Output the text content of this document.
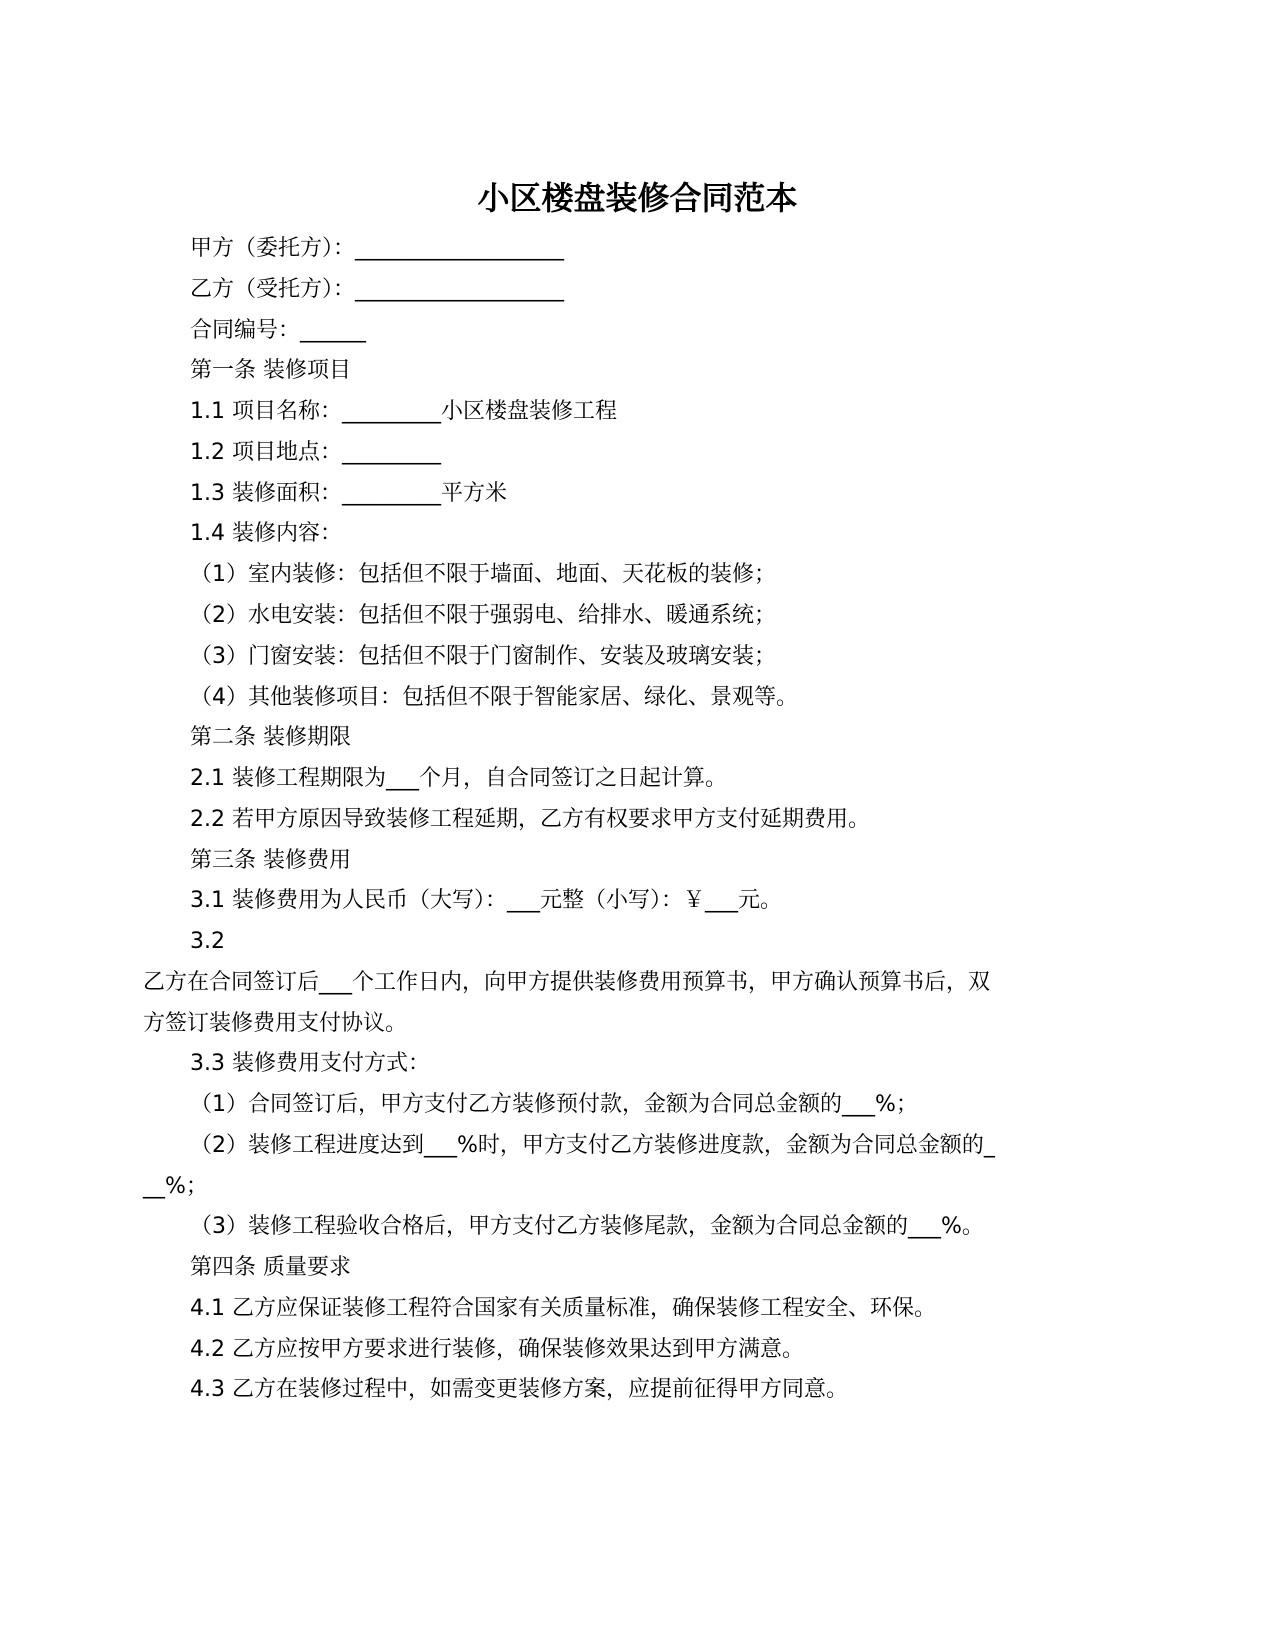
小区楼盘装修合同范本
甲方（委托方）：___________________
乙方（受托方）：___________________
合同编号：______
第一条 装修项目
1.1 项目名称：_________小区楼盘装修工程
1.2 项目地点：_________
1.3 装修面积：_________平方米
1.4 装修内容：
（1）室内装修：包括但不限于墙面、地面、天花板的装修；
（2）水电安装：包括但不限于强弱电、给排水、暖通系统；
（3）门窗安装：包括但不限于门窗制作、安装及玻璃安装；
（4）其他装修项目：包括但不限于智能家居、绿化、景观等。
第二条 装修期限
2.1 装修工程期限为___个月，自合同签订之日起计算。
2.2 若甲方原因导致装修工程延期，乙方有权要求甲方支付延期费用。
第三条 装修费用
3.1 装修费用为人民币（大写）：___元整（小写）：￥___元。
3.2
乙方在合同签订后___个工作日内，向甲方提供装修费用预算书，甲方确认预算书后，双
方签订装修费用支付协议。
3.3 装修费用支付方式：
（1）合同签订后，甲方支付乙方装修预付款，金额为合同总金额的___%；
（2）装修工程进度达到___%时，甲方支付乙方装修进度款，金额为合同总金额的_
__%；
（3）装修工程验收合格后，甲方支付乙方装修尾款，金额为合同总金额的___%。
第四条 质量要求
4.1 乙方应保证装修工程符合国家有关质量标准，确保装修工程安全、环保。
4.2 乙方应按甲方要求进行装修，确保装修效果达到甲方满意。
4.3 乙方在装修过程中，如需变更装修方案，应提前征得甲方同意。
